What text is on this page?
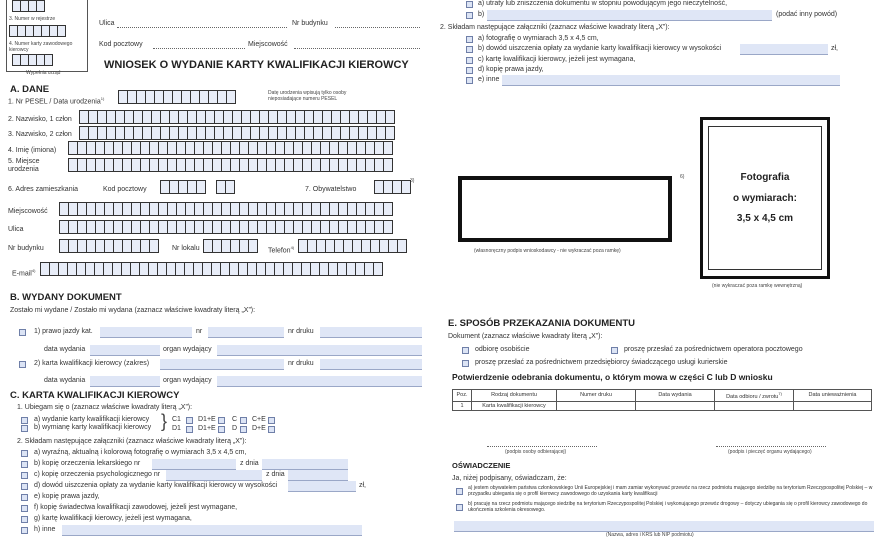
3. Numer w rejestrze
4. Numer karty zawodowego kierowcy
Wypełnia urząd
Ulica	Nr budynku
Kod pocztowy	Miejscowość
WNIOSEK O WYDANIE KARTY KWALIFIKACJI KIEROWCY
A. DANE
1. Nr PESEL / Data urodzenia$^{1)}$
Datę urodzenia wpisują tylko osoby nieposiadające numeru PESEL
2. Nazwisko, 1 człon
3. Nazwisko, 2 człon
4. Imię (imiona)
5. Miejsce urodzenia
6. Adres zamieszkania	Kod pocztowy	7. Obywatelstwo
3)
Miejscowość
Ulica
Nr budynku	Nr lokalu	Telefon$^{4)}$
E-mail$^{4)}$
B. WYDANY DOKUMENT
Zostało mi wydane / Zostało mi wydana (zaznacz właściwe kwadraty literą „X”):
1) prawo jazdy kat.	nr	nr druku
data wydania	organ wydający
2) karta kwalifikacji kierowcy (zakres)	nr druku
data wydania	organ wydający
C. KARTA KWALIFIKACJI KIEROWCY
1. Ubiegam się o (zaznacz właściwe kwadraty literą „X”):
a) wydanie karty kwalifikacji kierowcy
b) wymianę karty kwalifikacji kierowcy } C1 D1+E C C+E
D1 D1+E D D+E
2. Składam następujące załączniki (zaznacz właściwe kwadraty literą „X”):
a) wyraźną, aktualną i kolorową fotografię o wymiarach 3,5 x 4,5 cm,
b) kopię orzeczenia lekarskiego nr	z dnia
c) kopię orzeczenia psychologicznego nr	z dnia
d) dowód uiszczenia opłaty za wydanie karty kwalifikacji kierowcy w wysokości	zł,
e) kopię prawa jazdy,
f) kopię świadectwa kwalifikacji zawodowej, jeżeli jest wymagane,
g) kartę kwalifikacji kierowcy, jeżeli jest wymagana,
h) inne
a) utraty lub zniszczenia dokumentu w stopniu powodującym jego nieczytelność,
b)	(podać inny powód)
2. Składam następujące załączniki (zaznacz właściwe kwadraty literą „X”):
a) fotografię o wymiarach 3,5 x 4,5 cm,
b) dowód uiszczenia opłaty za wydanie karty kwalifikacji kierowcy w wysokości	zł,
c) kartę kwalifikacji kierowcy, jeżeli jest wymagana,
d) kopię prawa jazdy,
e) inne
6)
(własnoręczny podpis wnioskodawcy - nie wykraczać poza ramkę)
Fotografia
o wymiarach:
3,5 x 4,5 cm
(nie wykraczać poza ramkę wewnętrzną)
E. SPOSÓB PRZEKAZANIA DOKUMENTU
Dokument (zaznacz właściwe kwadraty literą „X”):
odbiorę osobiście	proszę przesłać za pośrednictwem operatora pocztowego
proszę przesłać za pośrednictwem przedsiębiorcy świadczącego usługi kurierskie
Potwierdzenie odebrania dokumentu, o którym mowa w części C lub D wniosku
Poz.	Rodzaj dokumentu	Numer druku	Data wydania	Data odbioru / zwrotu$^{7)}$	Data unieważnienia
1	Karta kwalifikacji kierowcy				
(podpis osoby odbierającej)	(podpis i pieczęć organu wydającego)
OŚWIADCZENIE
Ja, niżej podpisany, oświadczam, że:
a) jestem obywatelem państwa członkowskiego Unii Europejskiej i mam zamiar wykonywać przewóz na rzecz podmiotu mającego siedzibę na terytorium Rzeczypospolitej Polskiej – w przypadku ubiegania się o profil kierowcy zawodowego do uzyskania karty kwalifikacji
b) pracuję na rzecz podmiotu mającego siedzibę na terytorium Rzeczypospolitej Polskiej i wykonującego przewóz drogowy – dotyczy ubiegania się o profil kierowcy zawodowego do ukończenia szkolenia okresowego.
(Nazwa, adres i KRS lub NIP podmiotu)
